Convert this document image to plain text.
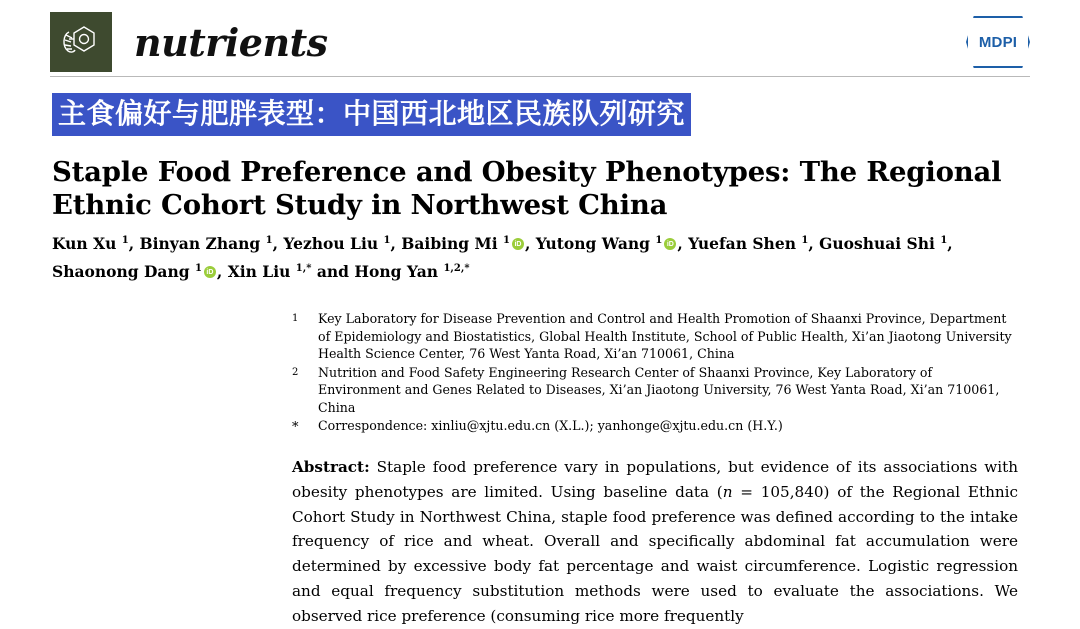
nutrients	MDPI
主食偏好与肥胖表型：中国西北地区民族队列研究
Staple Food Preference and Obesity Phenotypes: The Regional Ethnic Cohort Study in Northwest China
Kun Xu $^1$, Binyan Zhang $^1$, Yezhou Liu $^1$, Baibing Mi $^1$ iD , Yutong Wang $^1$ iD , Yuefan Shen $^1$, Guoshuai Shi $^1$,
Shaonong Dang $^1$ iD , Xin Liu $^{1,*}$ and Hong Yan $^{1,2,*}$
1	Key Laboratory for Disease Prevention and Control and Health Promotion of Shaanxi Province, Department of Epidemiology and Biostatistics, Global Health Institute, School of Public Health, Xi’an Jiaotong University Health Science Center, 76 West Yanta Road, Xi’an 710061, China
2	Nutrition and Food Safety Engineering Research Center of Shaanxi Province, Key Laboratory of Environment and Genes Related to Diseases, Xi’an Jiaotong University, 76 West Yanta Road, Xi’an 710061, China
*	Correspondence: xinliu@xjtu.edu.cn (X.L.); yanhonge@xjtu.edu.cn (H.Y.)
Abstract: Staple food preference vary in populations, but evidence of its associations with obesity phenotypes are limited. Using baseline data (n = 105,840) of the Regional Ethnic Cohort Study in Northwest China, staple food preference was defined according to the intake frequency of rice and wheat. Overall and specifically abdominal fat accumulation were determined by excessive body fat percentage and waist circumference. Logistic regression and equal frequency substitution methods were used to evaluate the associations. We observed rice preference (consuming rice more frequently
